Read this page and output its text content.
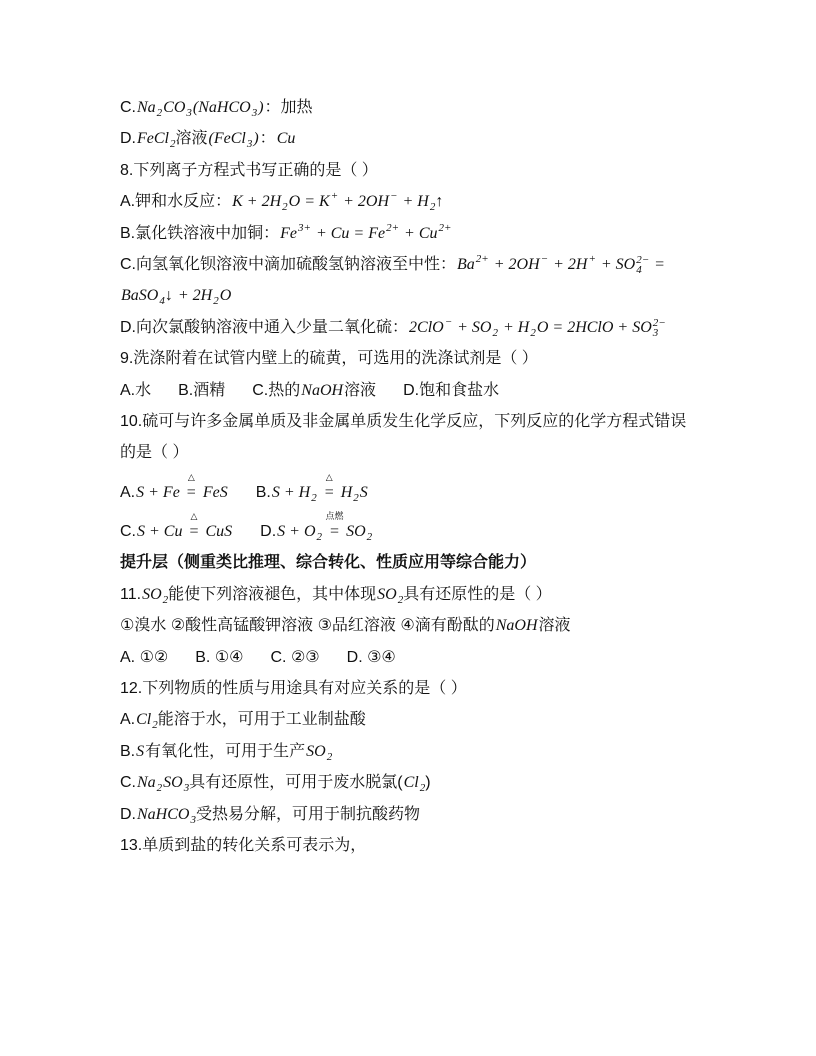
$C.Na_2CO_3(NaHCO_3)$：加热
D.FeCl$_2$溶液(FeCl$_3$)：Cu
8.下列离子方程式书写正确的是（ ）
A.钾和水反应：$K + 2H_2O = K^+ + 2OH^-$ + $H_2↑$
B.氯化铁溶液中加铜：$Fe^{3+} + Cu = Fe^{2+} + Cu^{2+}$
C.向氢氧化钡溶液中滴加硫酸氢钠溶液至中性：$Ba^{2+} + 2OH^- + 2H^+$ + SO 2−
4 =
BaSO$_4$↓ + $2H_2O$
D.向次氯酸钠溶液中通入少量二氧化硫：$2ClO^- + SO_2 + H_2O$ = 2HClO + SO 2−
3
9.洗涤附着在试管内壁上的硫黄，可选用的洗涤试剂是（ ）
A.水 B.酒精 C.热的NaOH溶液 D.饱和食盐水
10.硫可与许多金属单质及非金属单质发生化学反应，下列反应的化学方程式错误
的是（ ）
A.S + Fe
△
= FeS $B.S + H_2$
△
= $H_2S$
C.S + Cu
△
= CuS $D.S + O_2$
点燃
= $SO_2$
提升层（侧重类比推理、综合转化、性质应用等综合能力）
$11.SO_2$能使下列溶液褪色，其中体现$SO_2$具有还原性的是（ ）
①溴水 ②酸性高锰酸钾溶液 ③品红溶液 ④滴有酚酞的NaOH溶液
A. ①② B. ①④ C. ②③ D. ③④
12.下列物质的性质与用途具有对应关系的是（ ）
$A.Cl_2$能溶于水，可用于工业制盐酸
B.S有氧化性，可用于生产$SO_2$
$C.Na_2SO_3$具有还原性，可用于废水脱氯$(Cl_2)$
D.NaHCO$_3$受热易分解，可用于制抗酸药物
13.单质到盐的转化关系可表示为，
